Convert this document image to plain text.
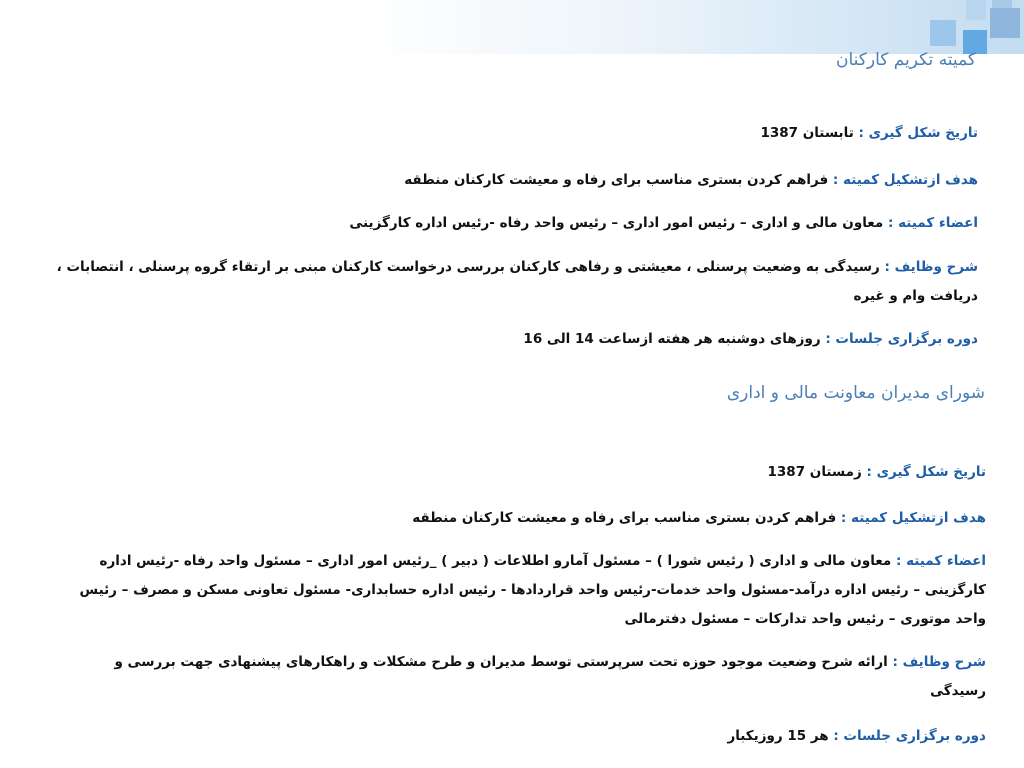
کمیته تکریم کارکنان
تاریخ شکل گیری : تابستان 1387
هدف ازتشکیل کمیته : فراهم کردن بستری مناسب برای رفاه و معیشت کارکنان منطقه
اعضاء کمیته : معاون مالی و اداری – رئیس امور اداری – رئیس واحد رفاه -رئیس اداره کارگزینی
شرح وظایف : رسیدگی به وضعیت پرسنلی ، معیشتی و رفاهی کارکنان بررسی درخواست کارکنان مبنی بر ارتقاء گروه پرسنلی ، انتصابات ، دریافت وام و غیره
دوره برگزاری جلسات : روزهای دوشنبه هر هفته ازساعت 14 الی 16
شورای مدیران معاونت مالی و اداری
تاریخ شکل گیری : زمستان 1387
هدف ازتشکیل کمیته : فراهم کردن بستری مناسب برای رفاه و معیشت کارکنان منطقه
اعضاء کمیته : معاون مالی و اداری ( رئیس شورا ) – مسئول آمارو اطلاعات ( دبیر ) _رئیس امور اداری – مسئول واحد رفاه -رئیس اداره کارگزینی – رئیس اداره درآمد-مسئول واحد خدمات-رئیس واحد قراردادها - رئیس اداره حسابداری- مسئول تعاونی مسکن و مصرف – رئیس واحد موتوری – رئیس واحد تدارکات – مسئول دفترمالی
شرح وظایف : ارائه شرح وضعیت موجود حوزه تحت سرپرستی توسط مدیران و طرح مشکلات و راهکارهای پیشنهادی جهت بررسی و رسیدگی
دوره برگزاری جلسات : هر 15 روزیکبار
